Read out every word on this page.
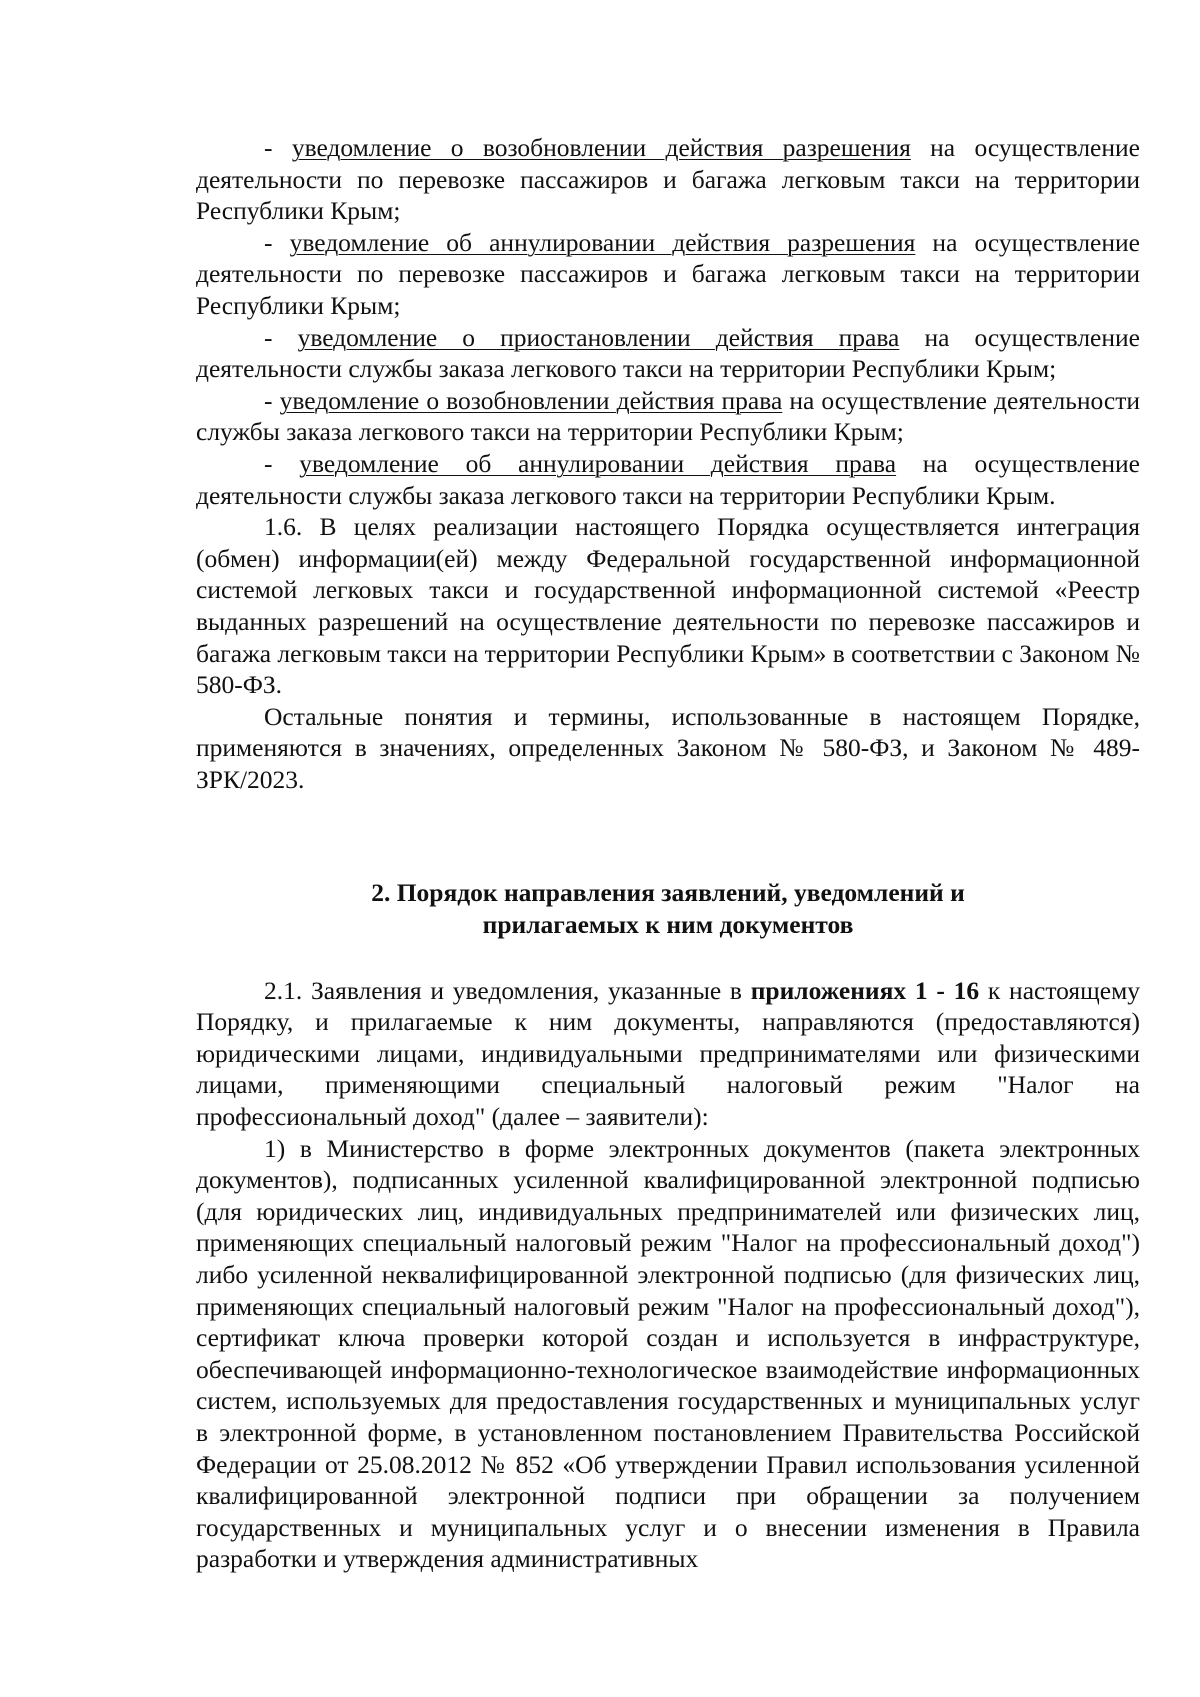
- уведомление о возобновлении действия разрешения на осуществление деятельности по перевозке пассажиров и багажа легковым такси на территории Республики Крым;

- уведомление об аннулировании действия разрешения на осуществление деятельности по перевозке пассажиров и багажа легковым такси на территории Республики Крым;

- уведомление о приостановлении действия права на осуществление деятельности службы заказа легкового такси на территории Республики Крым;

- уведомление о возобновлении действия права на осуществление деятельности службы заказа легкового такси на территории Республики Крым;

- уведомление об аннулировании действия права на осуществление деятельности службы заказа легкового такси на территории Республики Крым.

1.6. В целях реализации настоящего Порядка осуществляется интеграция (обмен) информации(ей) между Федеральной государственной информационной системой легковых такси и государственной информационной системой «Реестр выданных разрешений на осуществление деятельности по перевозке пассажиров и багажа легковым такси на территории Республики Крым» в соответствии с Законом № 580-ФЗ.

Остальные понятия и термины, использованные в настоящем Порядке, применяются в значениях, определенных Законом № 580-ФЗ, и Законом № 489-ЗРК/2023.

2. Порядок направления заявлений, уведомлений и

прилагаемых к ним документов

2.1. Заявления и уведомления, указанные в приложениях 1 - 16 к настоящему Порядку, и прилагаемые к ним документы, направляются (предоставляются) юридическими лицами, индивидуальными предпринимателями или физическими лицами, применяющими специальный налоговый режим "Налог на профессиональный доход" (далее – заявители):

1) в Министерство в форме электронных документов (пакета электронных документов), подписанных усиленной квалифицированной электронной подписью (для юридических лиц, индивидуальных предпринимателей или физических лиц, применяющих специальный налоговый режим "Налог на профессиональный доход") либо усиленной неквалифицированной электронной подписью (для физических лиц, применяющих специальный налоговый режим "Налог на профессиональный доход"), сертификат ключа проверки которой создан и используется в инфраструктуре, обеспечивающей информационно-технологическое взаимодействие информационных систем, используемых для предоставления государственных и муниципальных услуг в электронной форме, в установленном постановлением Правительства Российской Федерации от 25.08.2012 № 852 «Об утверждении Правил использования усиленной квалифицированной электронной подписи при обращении за получением государственных и муниципальных услуг и о внесении изменения в Правила разработки и утверждения административных
